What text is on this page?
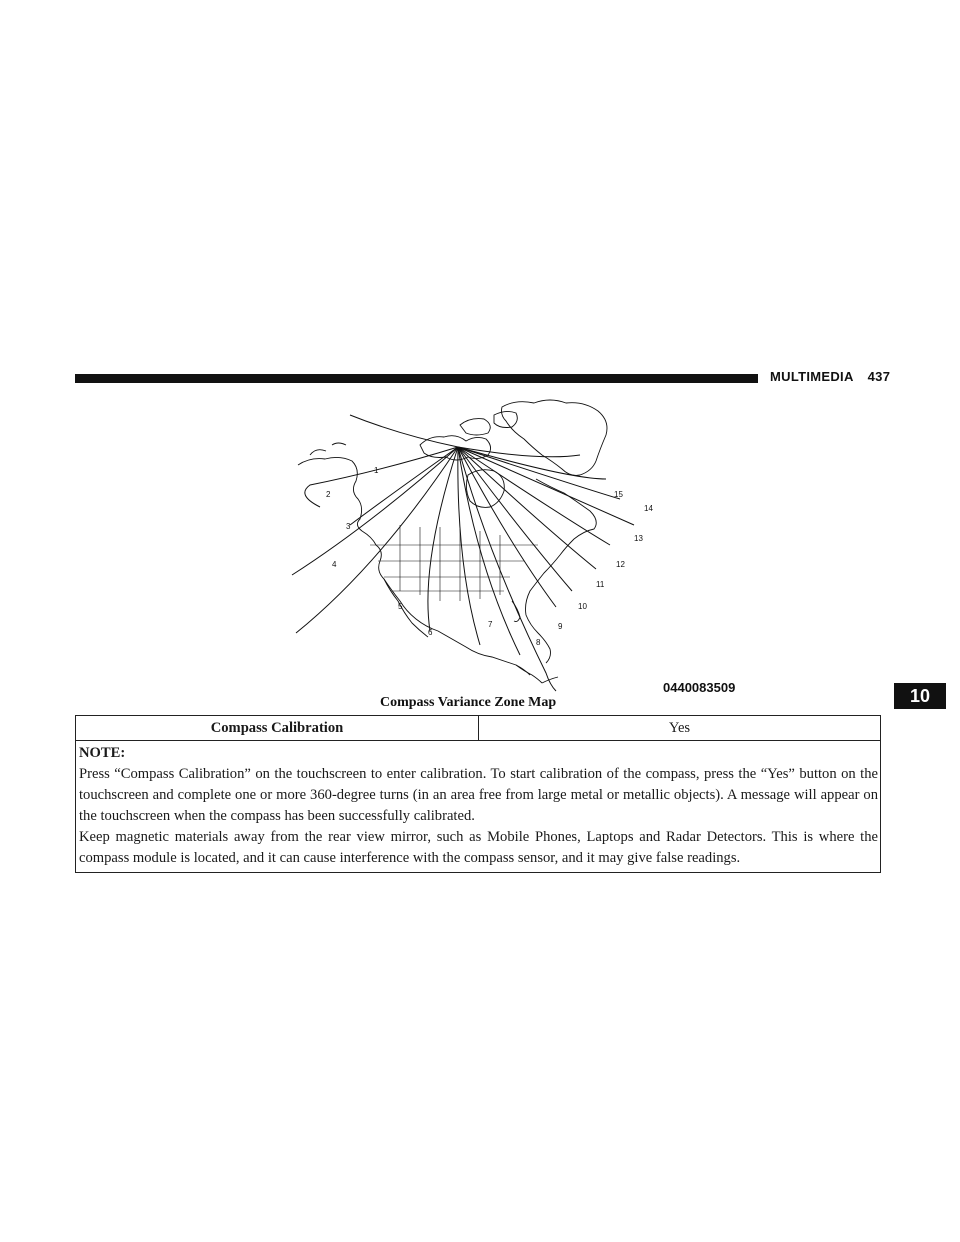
MULTIMEDIA 437
10
1
2
3
4
5
6
7
8
9
10
11
12
13
14
15
0440083509
Compass Variance Zone Map
Compass Calibration	Yes

NOTE:
Press “Compass Calibration” on the touchscreen to enter calibration. To start calibration of the compass, press the “Yes” button on the touchscreen and complete one or more 360-degree turns (in an area free from large metal or metallic objects). A message will appear on the touchscreen when the compass has been successfully calibrated.
Keep magnetic materials away from the rear view mirror, such as Mobile Phones, Laptops and Radar Detectors. This is where the compass module is located, and it can cause interference with the compass sensor, and it may give false readings.
